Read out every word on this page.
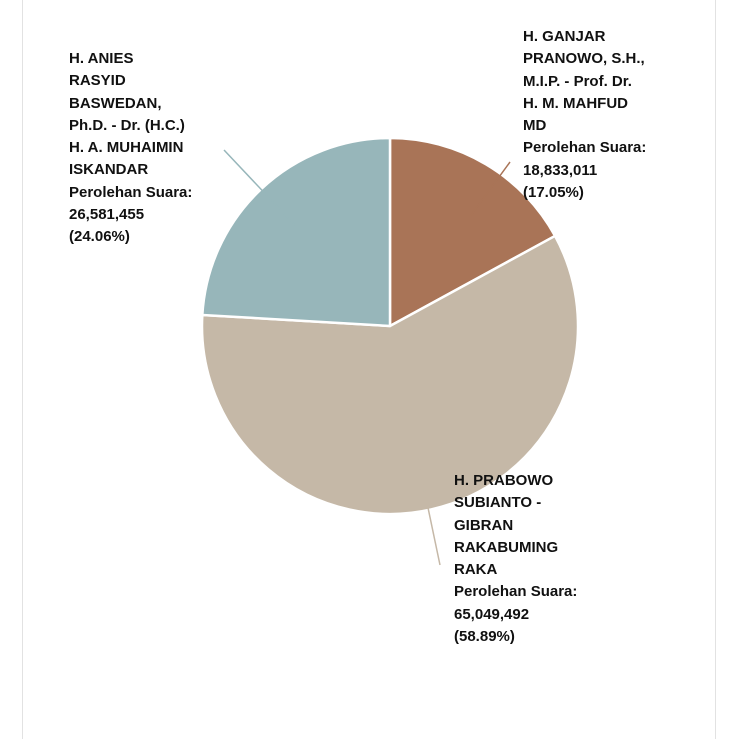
H. ANIES
RASYID
BASWEDAN,
Ph.D. - Dr. (H.C.)
H. A. MUHAIMIN
ISKANDAR
Perolehan Suara:
26,581,455
(24.06%)
H. GANJAR
PRANOWO, S.H.,
M.I.P. - Prof. Dr.
H. M. MAHFUD
MD
Perolehan Suara:
18,833,011
(17.05%)
H. PRABOWO
SUBIANTO -
GIBRAN
RAKABUMING
RAKA
Perolehan Suara:
65,049,492
(58.89%)
